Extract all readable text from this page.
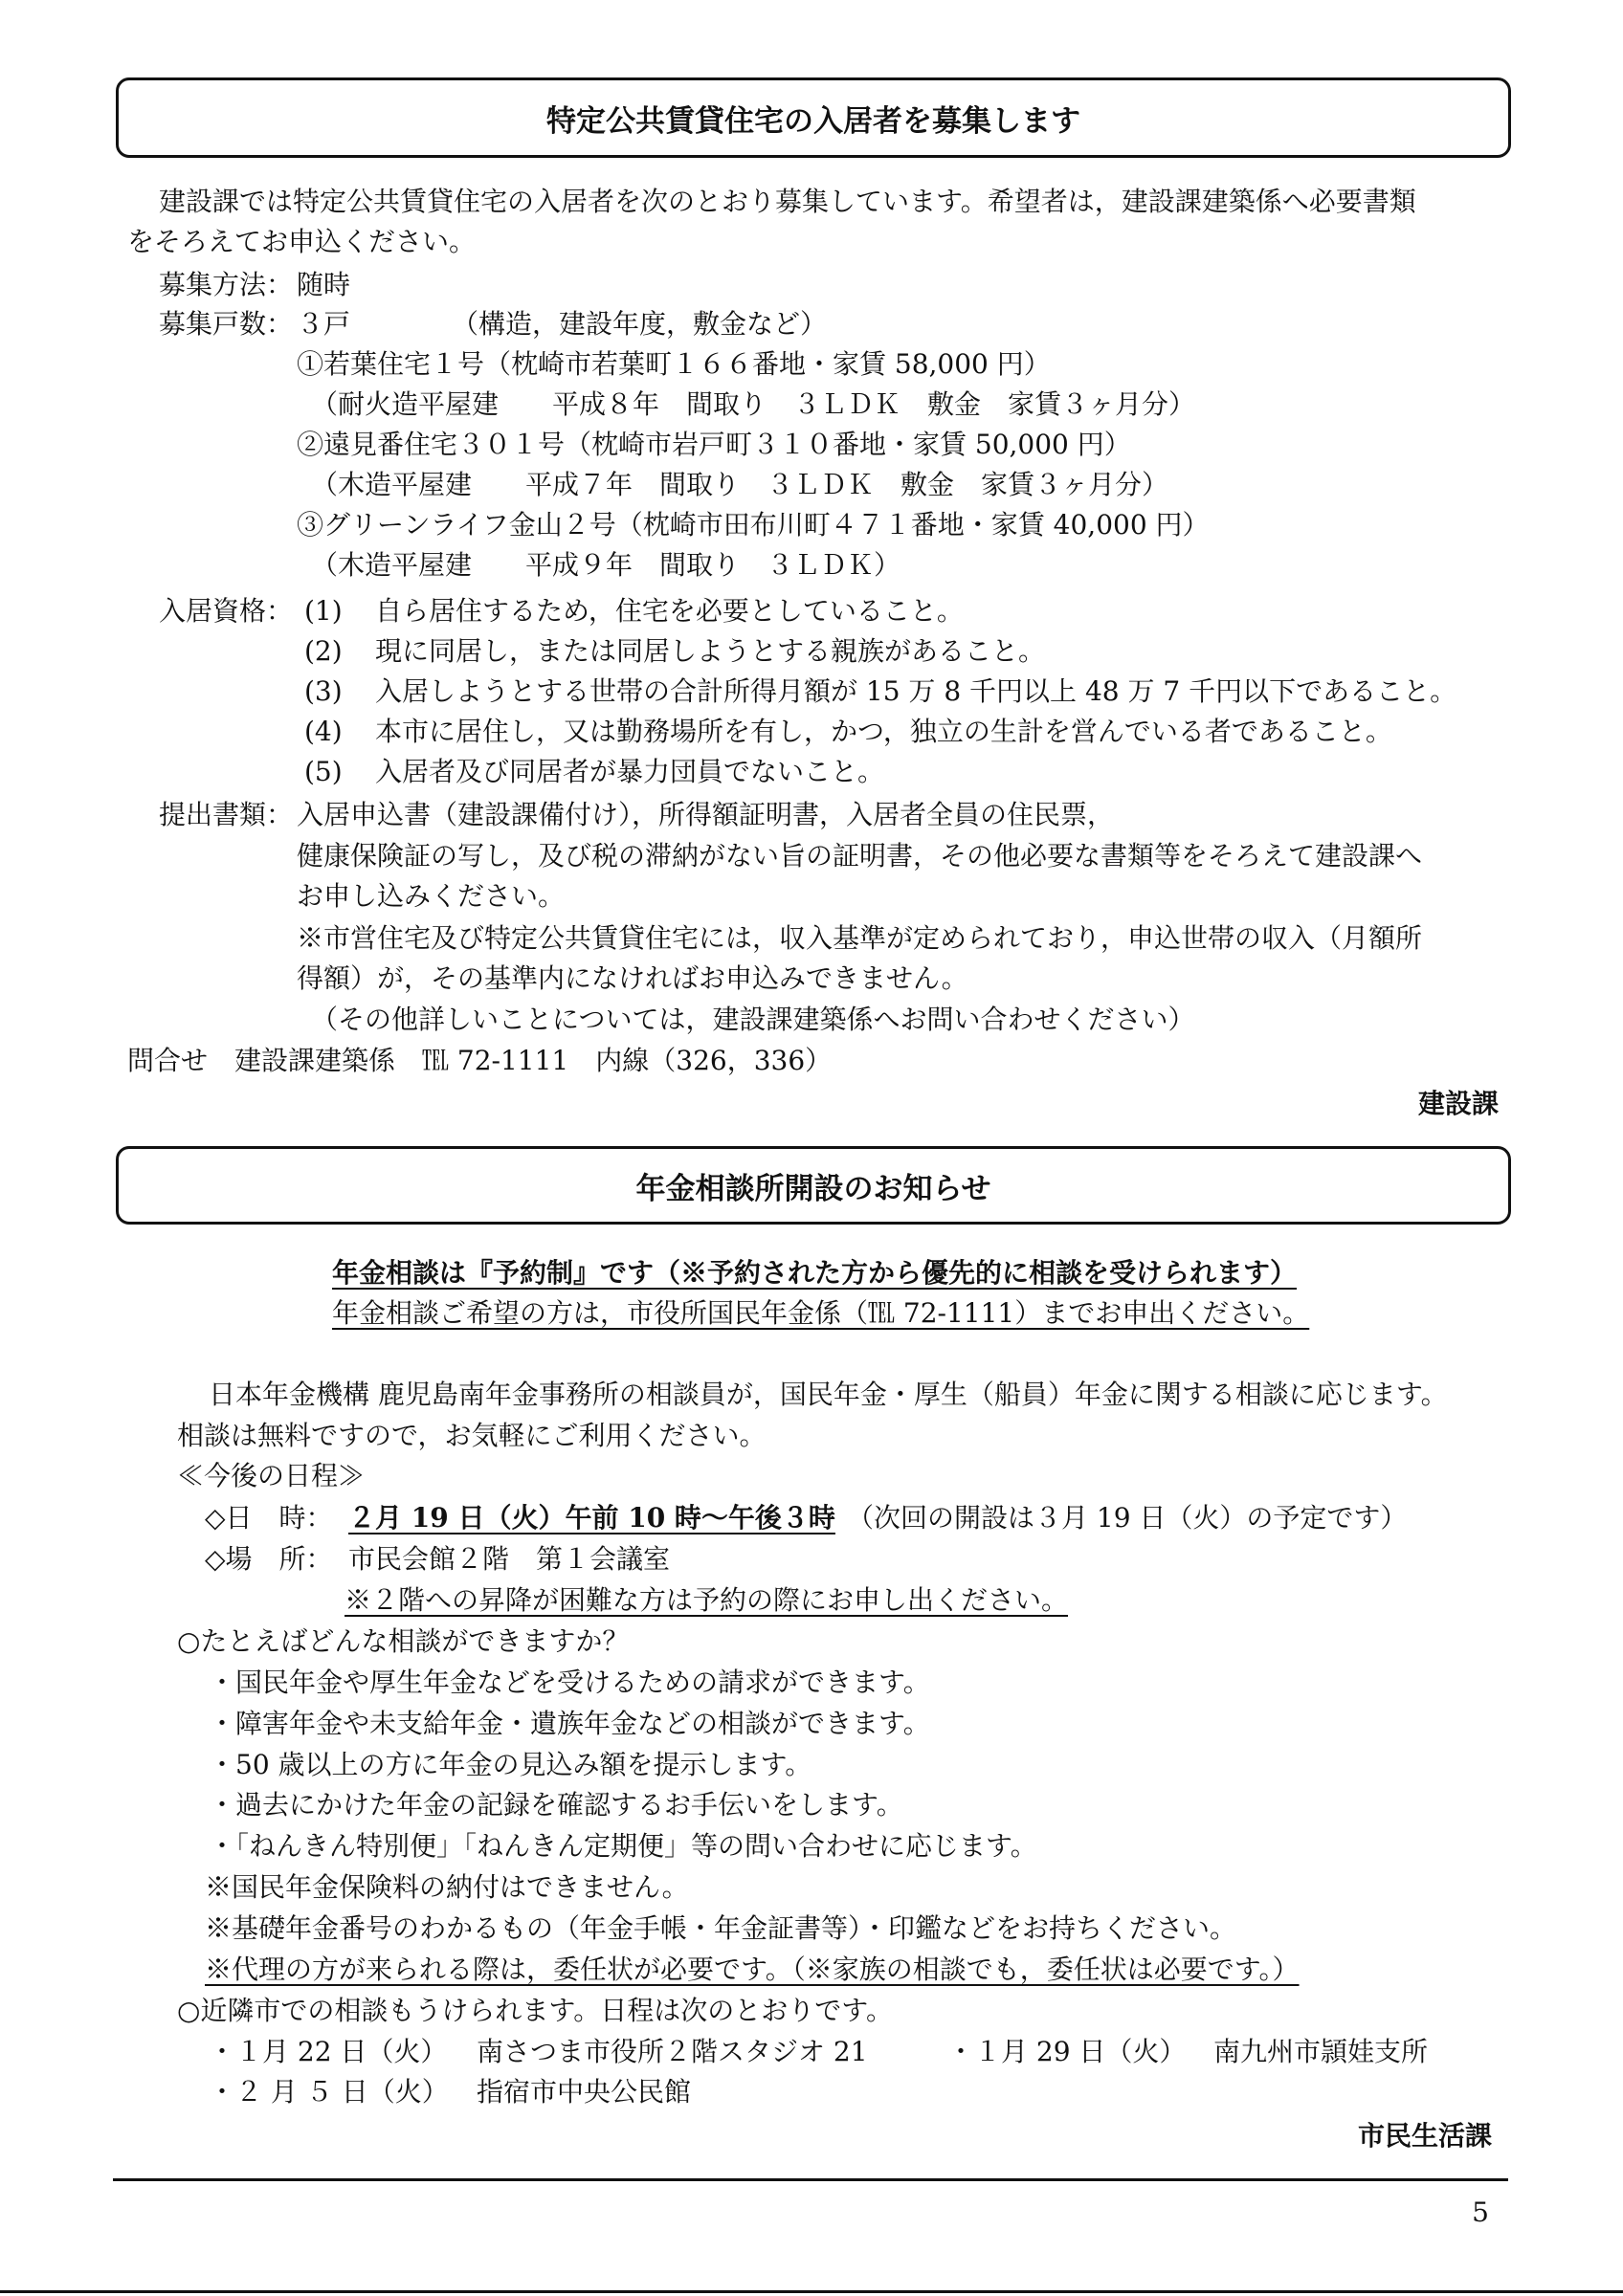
特定公共賃貸住宅の入居者を募集します
建設課では特定公共賃貸住宅の入居者を次のとおり募集しています。希望者は，建設課建築係へ必要書類
をそろえてお申込ください。
募集方法： 随時
募集戸数： ３戸	（構造，建設年度，敷金など）
①若葉住宅１号（枕崎市若葉町１６６番地・家賃 58,000 円）
（耐火造平屋建　　平成８年　間取り　３ＬＤＫ　敷金　家賃３ヶ月分）
②遠見番住宅３０１号（枕崎市岩戸町３１０番地・家賃 50,000 円）
（木造平屋建　　平成７年　間取り　３ＬＤＫ　敷金　家賃３ヶ月分）
③グリーンライフ金山２号（枕崎市田布川町４７１番地・家賃 40,000 円）
（木造平屋建　　平成９年　間取り　３ＬＤＫ）
入居資格： (1) 自ら居住するため，住宅を必要としていること。
(2) 現に同居し，または同居しようとする親族があること。
(3) 入居しようとする世帯の合計所得月額が 15 万 8 千円以上 48 万 7 千円以下であること。
(4) 本市に居住し，又は勤務場所を有し，かつ，独立の生計を営んでいる者であること。
(5) 入居者及び同居者が暴力団員でないこと。
提出書類： 入居申込書（建設課備付け），所得額証明書，入居者全員の住民票，
健康保険証の写し，及び税の滞納がない旨の証明書，その他必要な書類等をそろえて建設課へ
お申し込みください。
※市営住宅及び特定公共賃貸住宅には，収入基準が定められており，申込世帯の収入（月額所
得額）が，その基準内になければお申込みできません。
（その他詳しいことについては，建設課建築係へお問い合わせください）
問合せ　建設課建築係　℡ 72-1111　内線（326，336）
建設課
年金相談所開設のお知らせ
年金相談は『予約制』です（※予約された方から優先的に相談を受けられます）
年金相談ご希望の方は，市役所国民年金係（℡ 72-1111）までお申出ください。
日本年金機構 鹿児島南年金事務所の相談員が，国民年金・厚生（船員）年金に関する相談に応じます。
相談は無料ですので，お気軽にご利用ください。
≪今後の日程≫
◇日　時： ２月 19 日（火）午前 10 時～午後３時 （次回の開設は３月 19 日（火）の予定です）
◇場　所： 市民会館２階　第１会議室
※２階への昇降が困難な方は予約の際にお申し出ください。
○たとえばどんな相談ができますか？
・国民年金や厚生年金などを受けるための請求ができます。
・障害年金や未支給年金・遺族年金などの相談ができます。
・50 歳以上の方に年金の見込み額を提示します。
・過去にかけた年金の記録を確認するお手伝いをします。
・「ねんきん特別便」「ねんきん定期便」等の問い合わせに応じます。
※国民年金保険料の納付はできません。
※基礎年金番号のわかるもの（年金手帳・年金証書等）・印鑑などをお持ちください。
※代理の方が来られる際は，委任状が必要です。（※家族の相談でも，委任状は必要です。）
○近隣市での相談もうけられます。日程は次のとおりです。
・１月 22 日（火） 南さつま市役所２階スタジオ 21	・１月 29 日（火） 南九州市頴娃支所
・２ 月 ５ 日（火） 指宿市中央公民館
市民生活課
5
